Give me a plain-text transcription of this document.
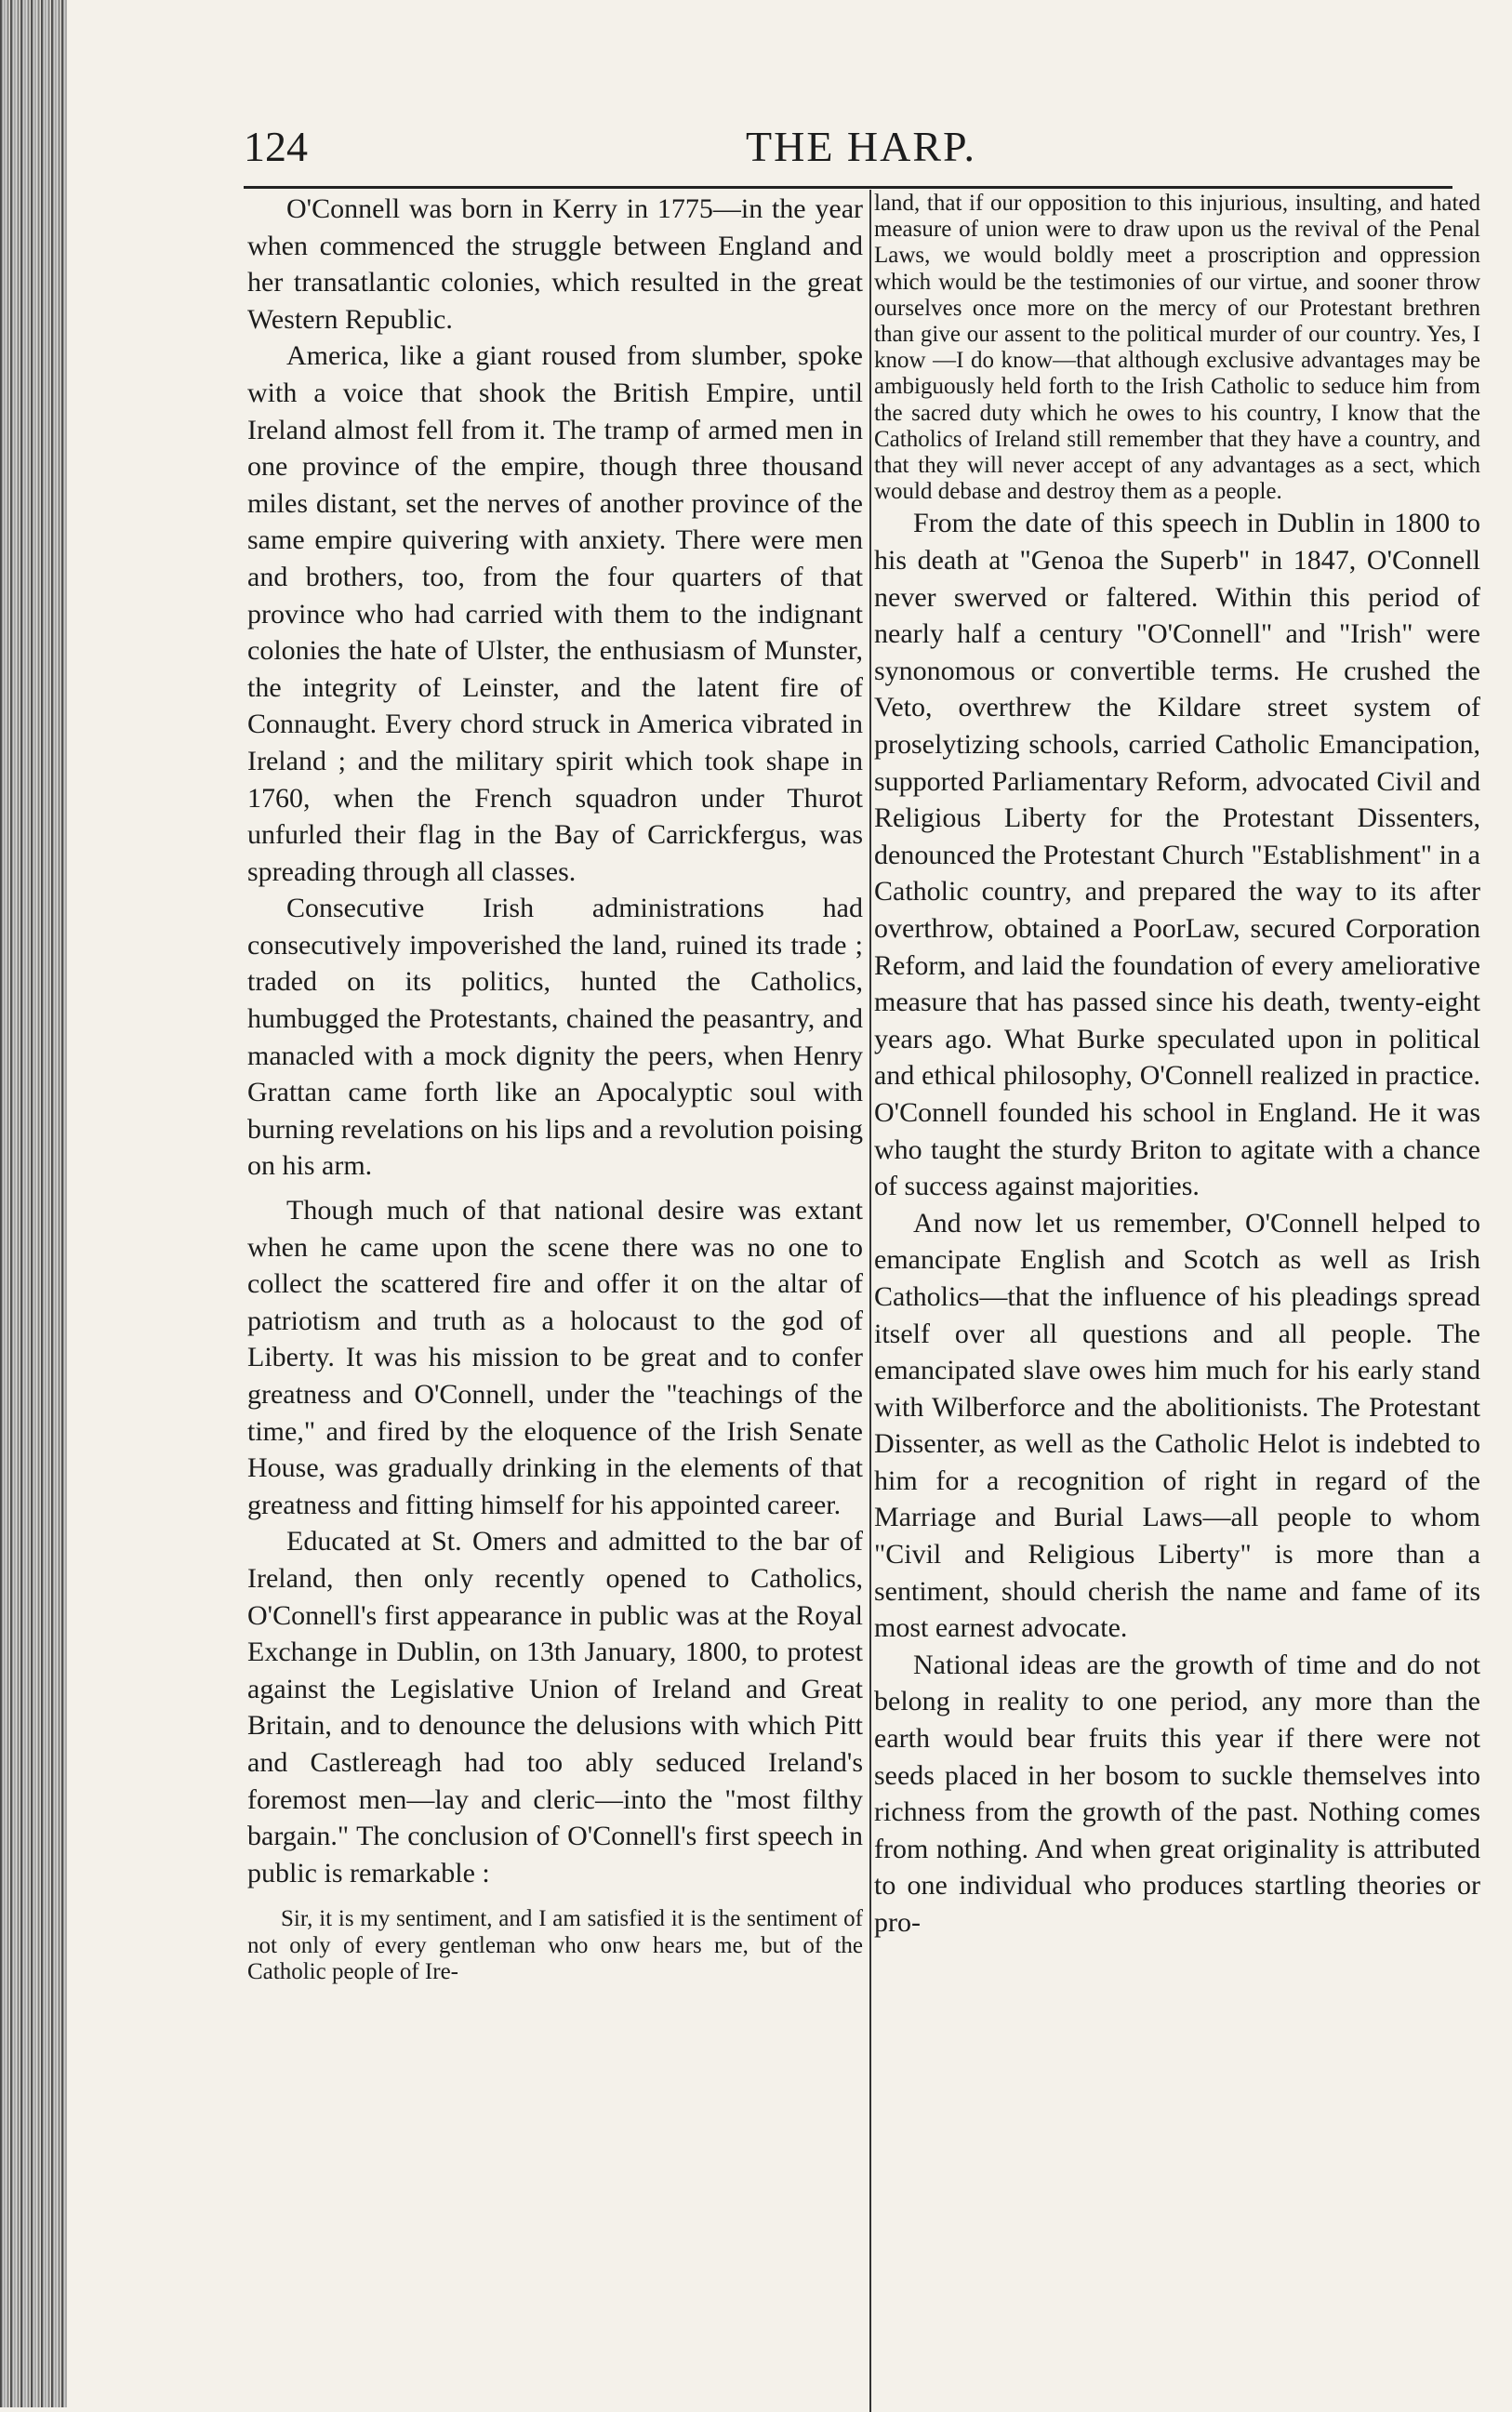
124	THE HARP.

O'Connell was born in Kerry in 1775—in the year when commenced the struggle between England and her transatlantic colonies, which resulted in the great Western Republic.

America, like a giant roused from slumber, spoke with a voice that shook the British Empire, until Ireland almost fell from it. The tramp of armed men in one province of the empire, though three thousand miles distant, set the nerves of another province of the same empire quivering with anxiety. There were men and brothers, too, from the four quarters of that province who had carried with them to the indignant colonies the hate of Ulster, the enthusiasm of Munster, the integrity of Leinster, and the latent fire of Connaught. Every chord struck in America vibrated in Ireland ; and the military spirit which took shape in 1760, when the French squadron under Thurot unfurled their flag in the Bay of Carrickfergus, was spreading through all classes.

Consecutive Irish administrations had consecutively impoverished the land, ruined its trade ; traded on its politics, hunted the Catholics, humbugged the Protestants, chained the peasantry, and manacled with a mock dignity the peers, when Henry Grattan came forth like an Apocalyptic soul with burning revelations on his lips and a revolution poising on his arm.

Though much of that national desire was extant when he came upon the scene there was no one to collect the scattered fire and offer it on the altar of patriotism and truth as a holocaust to the god of Liberty. It was his mission to be great and to confer greatness and O'Connell, under the "teachings of the time," and fired by the eloquence of the Irish Senate House, was gradually drinking in the elements of that greatness and fitting himself for his appointed career.

Educated at St. Omers and admitted to the bar of Ireland, then only recently opened to Catholics, O'Connell's first appearance in public was at the Royal Exchange in Dublin, on 13th January, 1800, to protest against the Legislative Union of Ireland and Great Britain, and to denounce the delusions with which Pitt and Castlereagh had too ably seduced Ireland's foremost men—lay and cleric—into the "most filthy bargain." The conclusion of O'Connell's first speech in public is remarkable :

Sir, it is my sentiment, and I am satisfied it is the sentiment of not only of every gentleman who onw hears me, but of the Catholic people of Ire-

land, that if our opposition to this injurious, insulting, and hated measure of union were to draw upon us the revival of the Penal Laws, we would boldly meet a proscription and oppression which would be the testimonies of our virtue, and sooner throw ourselves once more on the mercy of our Protestant brethren than give our assent to the political murder of our country. Yes, I know —I do know—that although exclusive advantages may be ambiguously held forth to the Irish Catholic to seduce him from the sacred duty which he owes to his country, I know that the Catholics of Ireland still remember that they have a country, and that they will never accept of any advantages as a sect, which would debase and destroy them as a people.

From the date of this speech in Dublin in 1800 to his death at "Genoa the Superb" in 1847, O'Connell never swerved or faltered. Within this period of nearly half a century "O'Connell" and "Irish" were synonomous or convertible terms. He crushed the Veto, overthrew the Kildare street system of proselytizing schools, carried Catholic Emancipation, supported Parliamentary Reform, advocated Civil and Religious Liberty for the Protestant Dissenters, denounced the Protestant Church "Establishment" in a Catholic country, and prepared the way to its after overthrow, obtained a PoorLaw, secured Corporation Reform, and laid the foundation of every ameliorative measure that has passed since his death, twenty-eight years ago. What Burke speculated upon in political and ethical philosophy, O'Connell realized in practice. O'Connell founded his school in England. He it was who taught the sturdy Briton to agitate with a chance of success against majorities.

And now let us remember, O'Connell helped to emancipate English and Scotch as well as Irish Catholics—that the influence of his pleadings spread itself over all questions and all people. The emancipated slave owes him much for his early stand with Wilberforce and the abolitionists. The Protestant Dissenter, as well as the Catholic Helot is indebted to him for a recognition of right in regard of the Marriage and Burial Laws—all people to whom "Civil and Religious Liberty" is more than a sentiment, should cherish the name and fame of its most earnest advocate.

National ideas are the growth of time and do not belong in reality to one period, any more than the earth would bear fruits this year if there were not seeds placed in her bosom to suckle themselves into richness from the growth of the past. Nothing comes from nothing. And when great originality is attributed to one individual who produces startling theories or pro-
